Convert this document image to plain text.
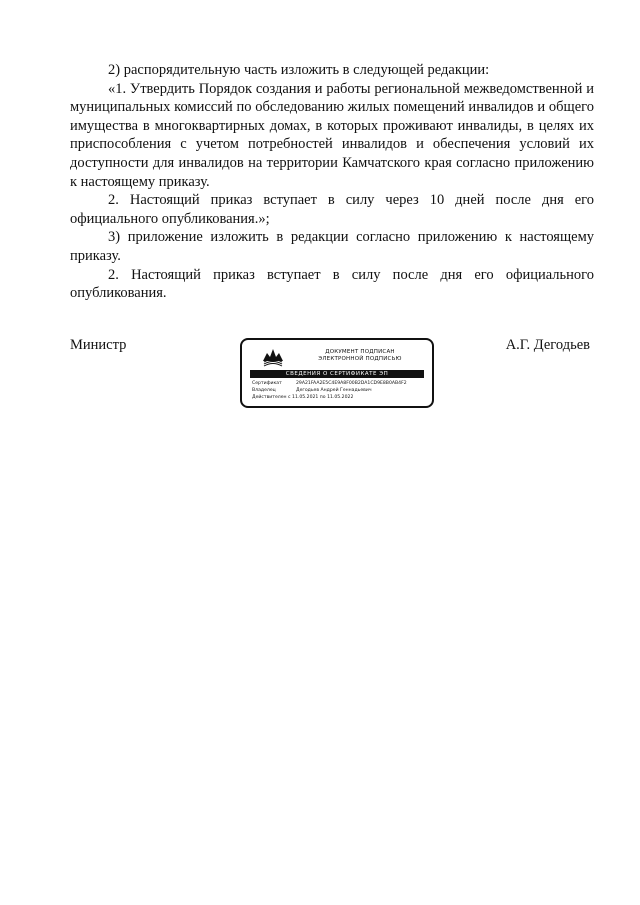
2) распорядительную часть изложить в следующей редакции:

«1. Утвердить Порядок создания и работы региональной межведомственной и муниципальных комиссий по обследованию жилых помещений инвалидов и общего имущества в многоквартирных домах, в которых проживают инвалиды, в целях их приспособления с учетом потребностей инвалидов и обеспечения условий их доступности для инвалидов на территории Камчатского края согласно приложению к настоящему приказу.

2. Настоящий приказ вступает в силу через 10 дней после дня его официального опубликования.»;

3) приложение изложить в редакции согласно приложению к настоящему приказу.

2. Настоящий приказ вступает в силу после дня его официального опубликования.

Министр	А.Г. Дегодьев
ДОКУМЕНТ ПОДПИСАН
ЭЛЕКТРОННОЙ ПОДПИСЬЮ
СВЕДЕНИЯ О СЕРТИФИКАТЕ ЭП
Сертификат	29A21FAA2E5C4E9A8F00B2DA1CD9E8B0AB4F2
Владелец	Дегодьев Андрей Геннадьевич
Действителен с 11.05.2021 по 11.05.2022
